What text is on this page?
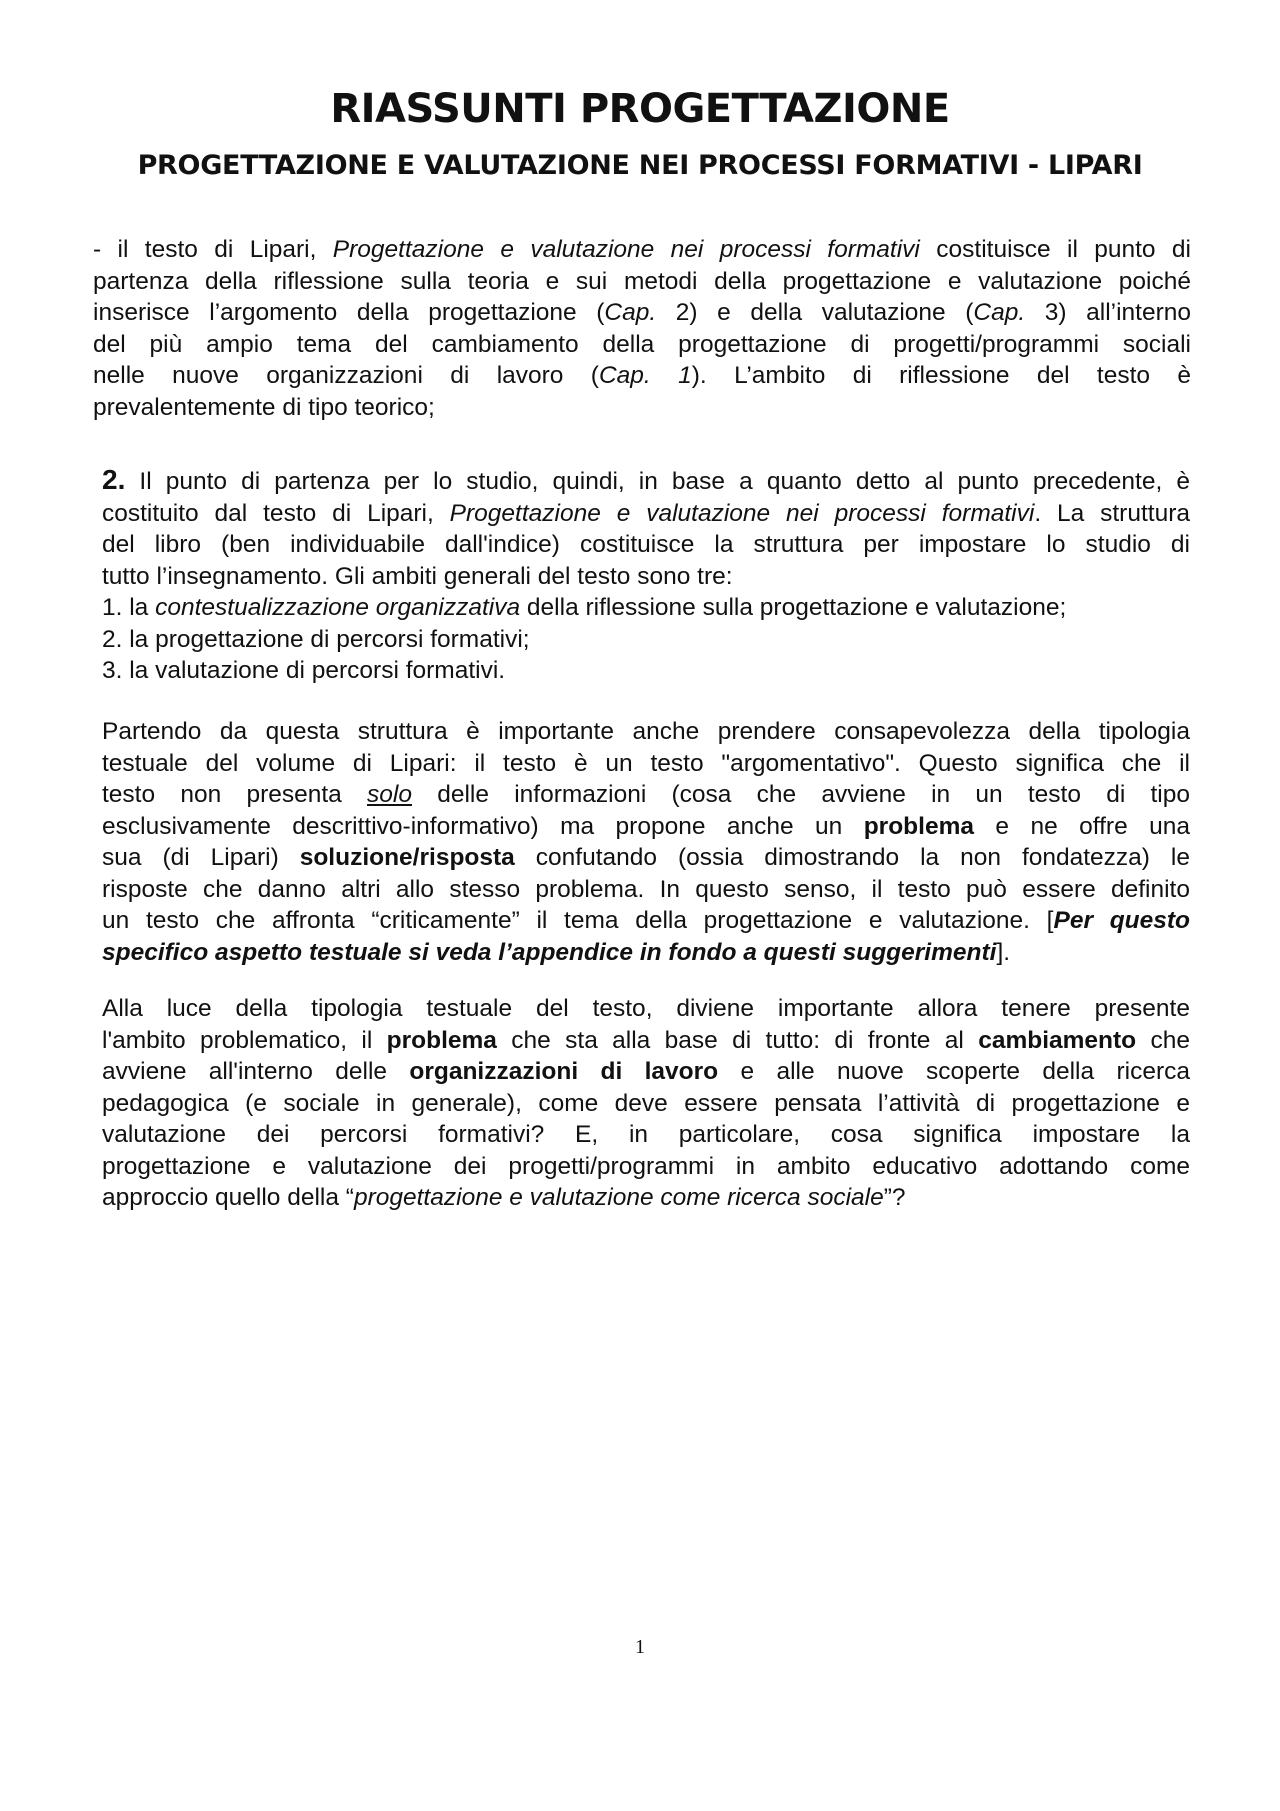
RIASSUNTI PROGETTAZIONE
PROGETTAZIONE E VALUTAZIONE NEI PROCESSI FORMATIVI - LIPARI

- il testo di Lipari, Progettazione e valutazione nei processi formativi costituisce il punto di
partenza della riflessione sulla teoria e sui metodi della progettazione e valutazione poiché
inserisce l’argomento della progettazione (Cap. 2) e della valutazione (Cap. 3) all’interno
del più ampio tema del cambiamento della progettazione di progetti/programmi sociali
nelle nuove organizzazioni di lavoro (Cap. 1). L’ambito di riflessione del testo è
prevalentemente di tipo teorico;

2. Il punto di partenza per lo studio, quindi, in base a quanto detto al punto precedente, è
costituito dal testo di Lipari, Progettazione e valutazione nei processi formativi. La struttura
del libro (ben individuabile dall'indice) costituisce la struttura per impostare lo studio di
tutto l’insegnamento. Gli ambiti generali del testo sono tre:
1. la contestualizzazione organizzativa della riflessione sulla progettazione e valutazione;
2. la progettazione di percorsi formativi;
3. la valutazione di percorsi formativi.

Partendo da questa struttura è importante anche prendere consapevolezza della tipologia
testuale del volume di Lipari: il testo è un testo "argomentativo". Questo significa che il
testo non presenta solo delle informazioni (cosa che avviene in un testo di tipo
esclusivamente descrittivo-informativo) ma propone anche un problema e ne offre una
sua (di Lipari) soluzione/risposta confutando (ossia dimostrando la non fondatezza) le
risposte che danno altri allo stesso problema. In questo senso, il testo può essere definito
un testo che affronta “criticamente” il tema della progettazione e valutazione. [Per questo
specifico aspetto testuale si veda l’appendice in fondo a questi suggerimenti].

Alla luce della tipologia testuale del testo, diviene importante allora tenere presente
l'ambito problematico, il problema che sta alla base di tutto: di fronte al cambiamento che
avviene all'interno delle organizzazioni di lavoro e alle nuove scoperte della ricerca
pedagogica (e sociale in generale), come deve essere pensata l’attività di progettazione e
valutazione dei percorsi formativi? E, in particolare, cosa significa impostare la
progettazione e valutazione dei progetti/programmi in ambito educativo adottando come
approccio quello della “progettazione e valutazione come ricerca sociale”?

1
